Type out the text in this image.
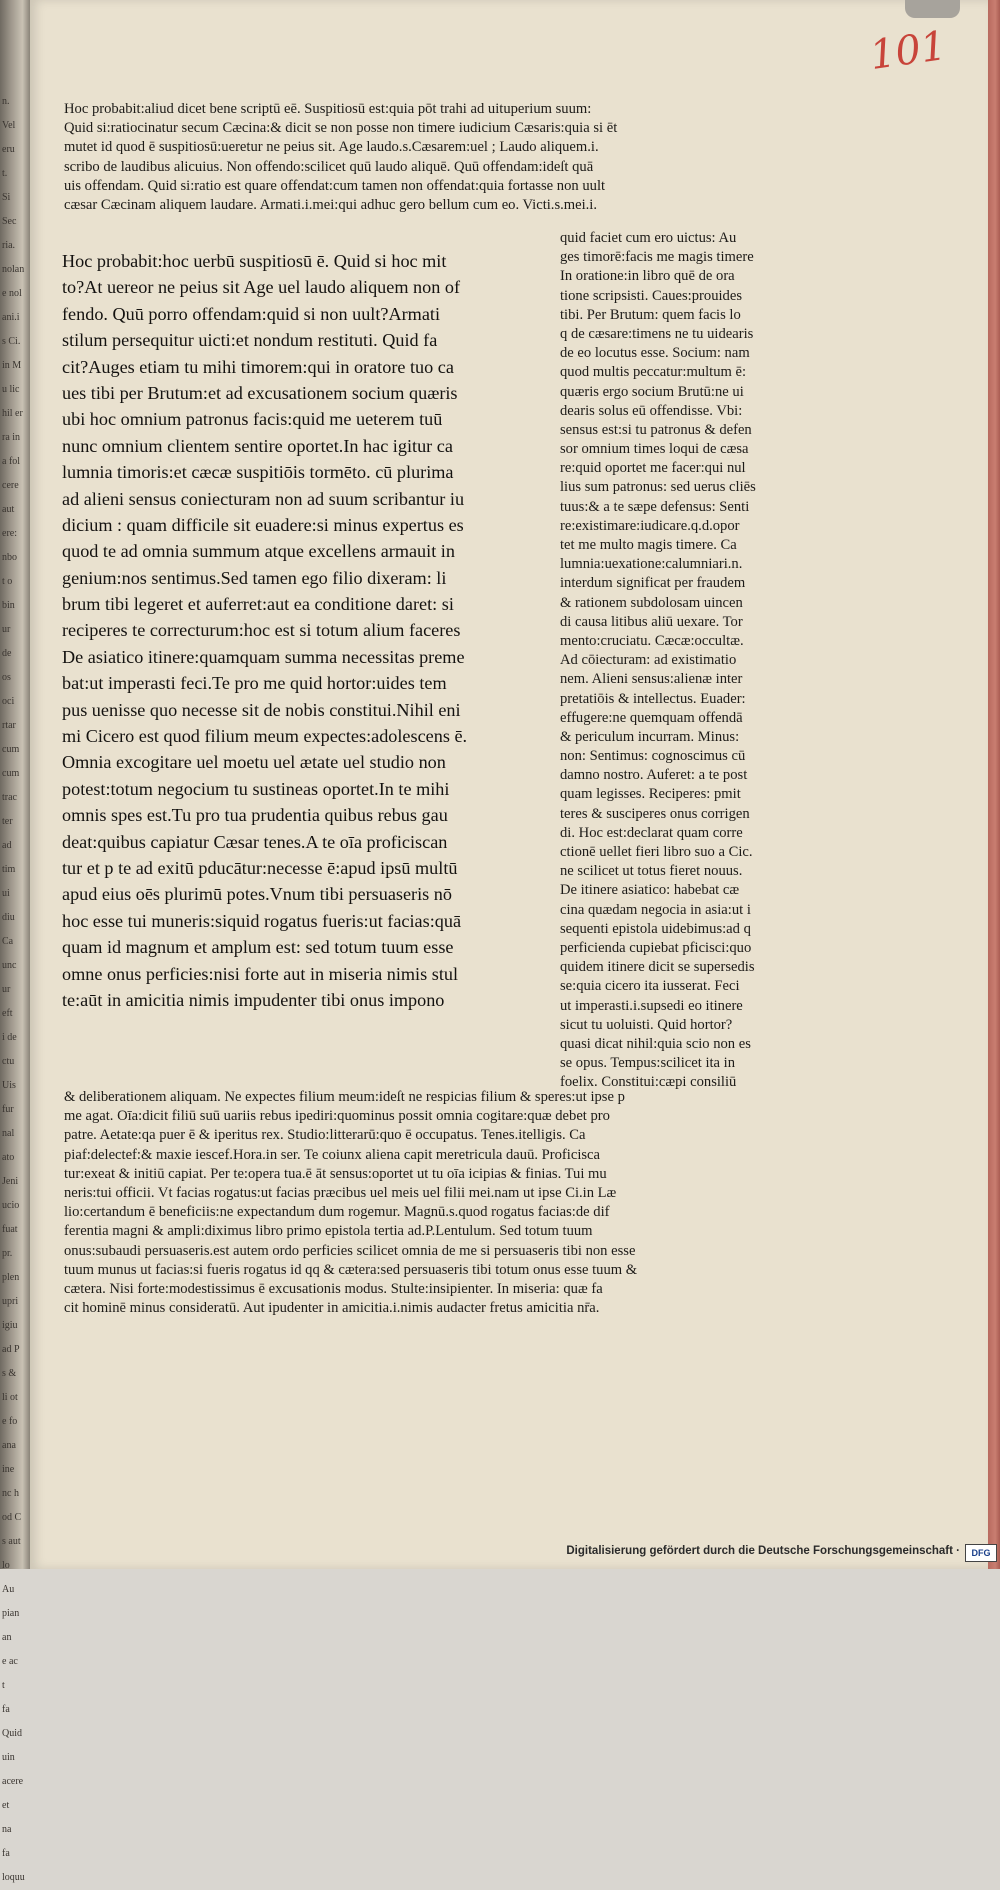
n.
Vel
eru
t.
Si
Sec
ria.
nolan
e nol
ani.i
s Ci.
in M
u lic
hil er
ra in
a fol
cere
aut
ere:
nbo
t o
bin
ur
de
os
oci
rtar
cum
cum
trac
ter
ad
tim
ui
diu
Ca
unc
ur
eft
i de
ctu
Uis
fur
nal
ato
Jeni
ucio
fuat
pr.
plen
upri
igiu
ad P
s &
li ot
e fo
ana
ine
nc h
od C
s aut
lo
Au
pian
an
e ac
t
fa
Quid
uin
acere
et
na
fa
loquu
101
Hoc probabit:aliud dicet bene scriptū eē. Suspitiosū est:quia pōt trahi ad uituperium suum:
Quid si:ratiocinatur secum Cæcina:& dicit se non posse non timere iudicium Cæsaris:quia si ēt
mutet id quod ē suspitiosū:ueretur ne peius sit. Age laudo.s.Cæsarem:uel ; Laudo aliquem.i.
scribo de laudibus alicuius. Non offendo:scilicet quū laudo aliquē. Quū offendam:ideſt quā
uis offendam. Quid si:ratio est quare offendat:cum tamen non offendat:quia fortasse non uult
cæsar Cæcinam aliquem laudare. Armati.i.mei:qui adhuc gero bellum cum eo. Victi.s.mei.i.
Hoc probabit:hoc uerbū suspitiosū ē. Quid si hoc mit
to?At uereor ne peius sit Age uel laudo aliquem non of
fendo. Quū porro offendam:quid si non uult?Armati
stilum persequitur uicti:et nondum restituti. Quid fa
cit?Auges etiam tu mihi timorem:qui in oratore tuo ca
ues tibi per Brutum:et ad excusationem socium quæris
ubi hoc omnium patronus facis:quid me ueterem tuū
nunc omnium clientem sentire oportet.In hac igitur ca
lumnia timoris:et cæcæ suspitiōis tormēto. cū plurima
ad alieni sensus coniecturam non ad suum scribantur iu
dicium : quam difficile sit euadere:si minus expertus es
quod te ad omnia summum atque excellens armauit in
genium:nos sentimus.Sed tamen ego filio dixeram: li
brum tibi legeret et auferret:aut ea conditione daret: si
reciperes te correcturum:hoc est si totum alium faceres
De asiatico itinere:quamquam summa necessitas preme
bat:ut imperasti feci.Te pro me quid hortor:uides tem
pus uenisse quo necesse sit de nobis constitui.Nihil eni
mi Cicero est quod filium meum expectes:adolescens ē.
Omnia excogitare uel moetu uel ætate uel studio non
potest:totum negocium tu sustineas oportet.In te mihi
omnis spes est.Tu pro tua prudentia quibus rebus gau
deat:quibus capiatur Cæsar tenes.A te oīa proficiscan
tur et p te ad exitū pducātur:necesse ē:apud ipsū multū
apud eius oēs plurimū potes.Vnum tibi persuaseris nō
hoc esse tui muneris:siquid rogatus fueris:ut facias:quā
quam id magnum et amplum est: sed totum tuum esse
omne onus perficies:nisi forte aut in miseria nimis stul
te:aūt in amicitia nimis impudenter tibi onus impono
quid faciet cum ero uictus: Au
ges timorē:facis me magis timere
In oratione:in libro quē de ora
tione scripsisti. Caues:prouides
tibi. Per Brutum: quem facis lo
q de cæsare:timens ne tu uidearis
de eo locutus esse. Socium: nam
quod multis peccatur:multum ē:
quæris ergo socium Brutū:ne ui
dearis solus eū offendisse. Vbi:
sensus est:si tu patronus & defen
sor omnium times loqui de cæsa
re:quid oportet me facer:qui nul
lius sum patronus: sed uerus cliēs
tuus:& a te sæpe defensus: Senti
re:existimare:iudicare.q.d.opor
tet me multo magis timere. Ca
lumnia:uexatione:calumniari.n.
interdum significat per fraudem
& rationem subdolosam uincen
di causa litibus aliū uexare. Tor
mento:cruciatu. Cæcæ:occultæ.
Ad cōiecturam: ad existimatio
nem. Alieni sensus:alienæ inter
pretatiōis & intellectus. Euader:
effugere:ne quemquam offendā
& periculum incurram. Minus:
non: Sentimus: cognoscimus cū
damno nostro. Auferet: a te post
quam legisses. Reciperes: pmit
teres & susciperes onus corrigen
di. Hoc est:declarat quam corre
ctionē uellet fieri libro suo a Cic.
ne scilicet ut totus fieret nouus.
De itinere asiatico: habebat cæ
cina quædam negocia in asia:ut i
sequenti epistola uidebimus:ad q
perficienda cupiebat pficisci:quo
quidem itinere dicit se supersedis
se:quia cicero ita iusserat. Feci
ut imperasti.i.supsedi eo itinere
sicut tu uoluisti. Quid hortor?
quasi dicat nihil:quia scio non es
se opus. Tempus:scilicet ita in
foelix. Constitui:cæpi consiliū
& deliberationem aliquam. Ne expectes filium meum:ideſt ne respicias filium & speres:ut ipse p
me agat. Oīa:dicit filiū suū uariis rebus ipediri:quominus possit omnia cogitare:quæ debet pro
patre. Aetate:qa puer ē & iperitus rex. Studio:litterarū:quo ē occupatus. Tenes.itelligis. Ca
piaf:delectef:& maxie iescef.Hora.in ser. Te coiunx aliena capit meretricula dauū. Proficisca
tur:exeat & initiū capiat. Per te:opera tua.ē āt sensus:oportet ut tu oīa icipias & finias. Tui mu
neris:tui officii. Vt facias rogatus:ut facias præcibus uel meis uel filii mei.nam ut ipse Ci.in Læ
lio:certandum ē beneficiis:ne expectandum dum rogemur. Magnū.s.quod rogatus facias:de dif
ferentia magni & ampli:diximus libro primo epistola tertia ad.P.Lentulum. Sed totum tuum
onus:subaudi persuaseris.est autem ordo perficies scilicet omnia de me si persuaseris tibi non esse
tuum munus ut facias:si fueris rogatus id qq & cætera:sed persuaseris tibi totum onus esse tuum &
cætera. Nisi forte:modestissimus ē excusationis modus. Stulte:insipienter. In miseria: quæ fa
cit hominē minus consideratū. Aut ipudenter in amicitia.i.nimis audacter fretus amicitia nr̄a.
Digitalisierung gefördert durch die Deutsche Forschungsgemeinschaft ·	DFG
